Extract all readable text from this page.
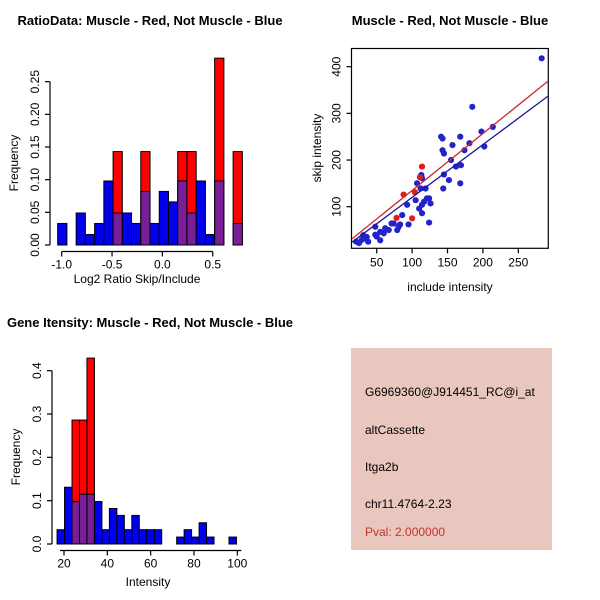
0.00
0.05
0.10
0.15
0.20
0.25
-1.0 -0.5	0.0	0.5	50 100 150 200 250
100
200
300
400
0.0
0.1
0.2
0.3
0.4
20 40 60 80 100
RatioData: Muscle - Red, Not Muscle - Blue
Log2 Ratio Skip/Include
Frequency
Muscle - Red, Not Muscle - Blue
include intensity
skip intensity
Gene Itensity: Muscle - Red, Not Muscle - Blue
Intensity
Frequency
G6969360@J914451_RC@i_at
altCassette
Itga2b
chr11.4764-2.23
Pval: 2.000000
